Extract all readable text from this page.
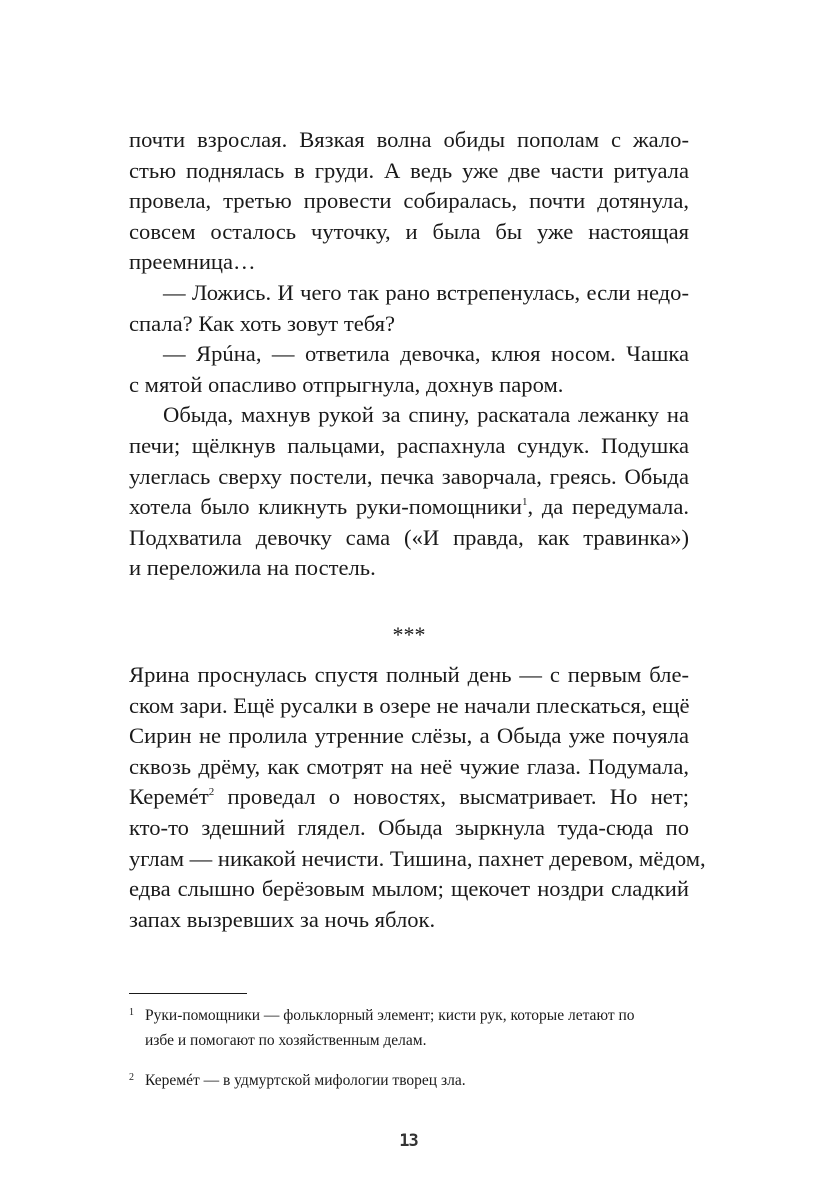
почти взрослая. Вязкая волна обиды пополам с жало-
стью поднялась в груди. А ведь уже две части ритуала
провела, третью провести собиралась, почти дотянула,
совсем осталось чуточку, и была бы уже настоящая
преемница…
— Ложись. И чего так рано встрепенулась, если недо-
спала? Как хоть зовут тебя?
— Ярúна, — ответила девочка, клюя носом. Чашка
с мятой опасливо отпрыгнула, дохнув паром.
Обыда, махнув рукой за спину, раскатала лежанку на
печи; щёлкнув пальцами, распахнула сундук. Подушка
улеглась сверху постели, печка заворчала, греясь. Обыда
хотела было кликнуть руки-помощники$^1$, да передумала.
Подхватила девочку сама («И правда, как травинка»)
и переложила на постель.
***
Ярина проснулась спустя полный день — с первым бле-
ском зари. Ещё русалки в озере не начали плескаться, ещё
Сирин не пролила утренние слёзы, а Обыда уже почуяла
сквозь дрёму, как смотрят на неё чужие глаза. Подумала,
Керемéт$^2$ проведал о новостях, высматривает. Но нет;
кто-то здешний глядел. Обыда зыркнула туда-сюда по
углам — никакой нечисти. Тишина, пахнет деревом, мёдом,
едва слышно берёзовым мылом; щекочет ноздри сладкий
запах вызревших за ночь яблок.
1 Руки-помощники — фольклорный элемент; кисти рук, которые летают по
избе и помогают по хозяйственным делам.
2 Керемéт — в удмуртской мифологии творец зла.
13
